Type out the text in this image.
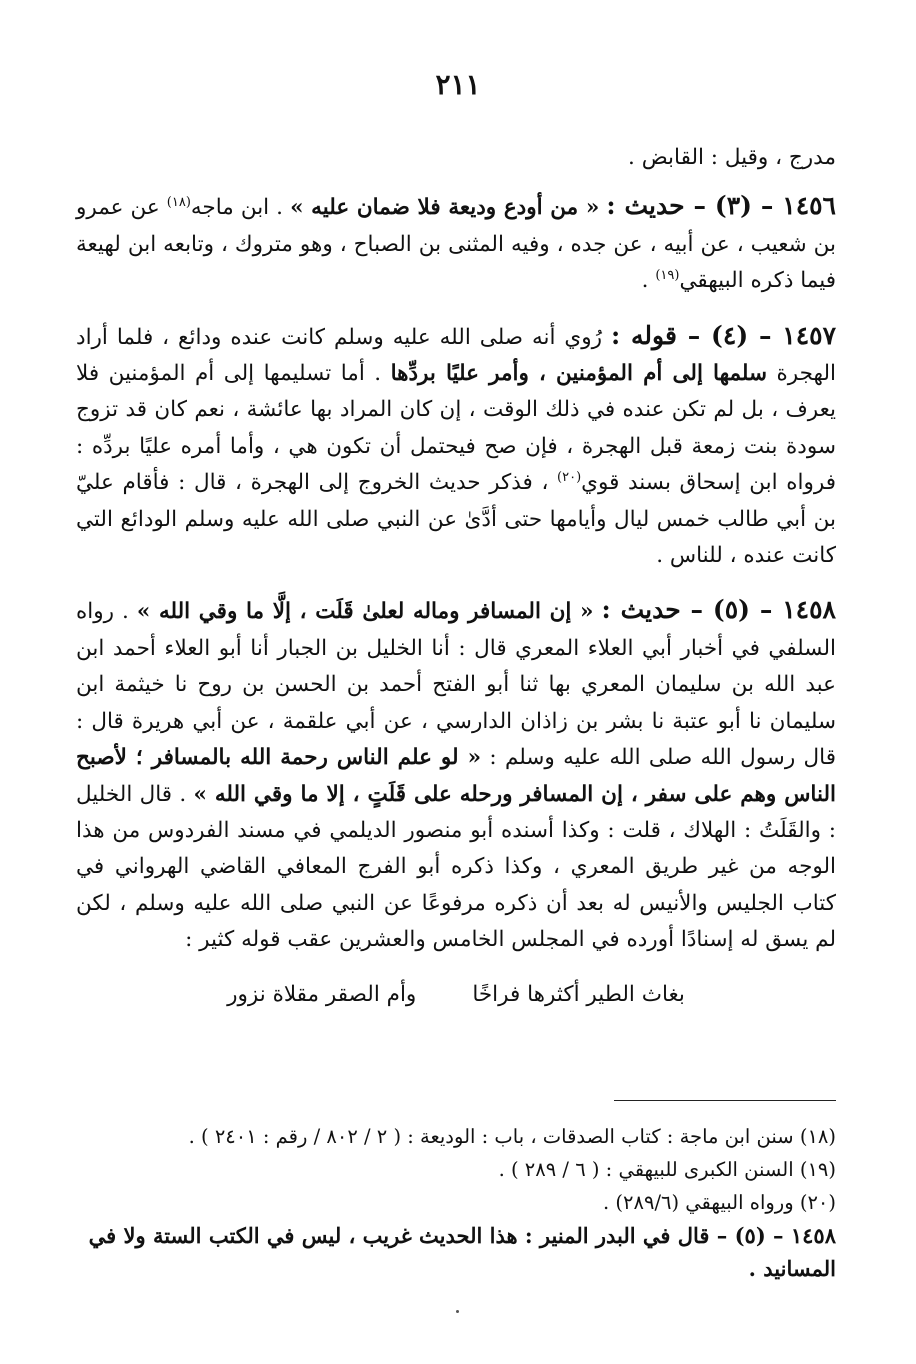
٢١١

مدرج ، وقيل : القابض .

١٤٥٦ – (٣) – حديث : « من أودع وديعة فلا ضمان عليه » . ابن ماجه$^{(١٨)}$ عن عمرو بن شعيب ، عن أبيه ، عن جده ، وفيه المثنى بن الصباح ، وهو متروك ، وتابعه ابن لهيعة فيما ذكره البيهقي$^{(١٩)}$ .

١٤٥٧ – (٤) – قوله : رُوي أنه صلى الله عليه وسلم كانت عنده ودائع ، فلما أراد الهجرة سلمها إلى أم المؤمنين ، وأمر عليًا بردِّها . أما تسليمها إلى أم المؤمنين فلا يعرف ، بل لم تكن عنده في ذلك الوقت ، إن كان المراد بها عائشة ، نعم كان قد تزوج سودة بنت زمعة قبل الهجرة ، فإن صح فيحتمل أن تكون هي ، وأما أمره عليًا بردِّه : فرواه ابن إسحاق بسند قوي$^{(٢٠)}$ ، فذكر حديث الخروج إلى الهجرة ، قال : فأقام عليّ بن أبي طالب خمس ليال وأيامها حتى أدَّىٰ عن النبي صلى الله عليه وسلم الودائع التي كانت عنده ، للناس .

١٤٥٨ – (٥) – حديث : « إن المسافر وماله لعلىٰ قَلَت ، إلَّا ما وقي الله » . رواه السلفي في أخبار أبي العلاء المعري قال : أنا الخليل بن الجبار أنا أبو العلاء أحمد ابن عبد الله بن سليمان المعري بها ثنا أبو الفتح أحمد بن الحسن بن روح نا خيثمة ابن سليمان نا أبو عتبة نا بشر بن زاذان الدارسي ، عن أبي علقمة ، عن أبي هريرة قال : قال رسول الله صلى الله عليه وسلم : « لو علم الناس رحمة الله بالمسافر ؛ لأصبح الناس وهم على سفر ، إن المسافر ورحله على قَلَتٍ ، إلا ما وقي الله » . قال الخليل : والقَلَتُ : الهلاك ، قلت : وكذا أسنده أبو منصور الديلمي في مسند الفردوس من هذا الوجه من غير طريق المعري ، وكذا ذكره أبو الفرج المعافي القاضي الهرواني في كتاب الجليس والأنيس له بعد أن ذكره مرفوعًا عن النبي صلى الله عليه وسلم ، لكن لم يسق له إسنادًا أورده في المجلس الخامس والعشرين عقب قوله كثير :

بغاث الطير أكثرها فراخًا
وأم الصقر مقلاة نزور

(١٨) سنن ابن ماجة : كتاب الصدقات ، باب : الوديعة : ( ٢ / ٨٠٢ / رقم : ٢٤٠١ ) .

(١٩) السنن الكبرى للبيهقي : ( ٦ / ٢٨٩ ) .

(٢٠) ورواه البيهقي (٢٨٩/٦) .

١٤٥٨ – (٥) – قال في البدر المنير : هذا الحديث غريب ، ليس في الكتب الستة ولا في المسانيد .
